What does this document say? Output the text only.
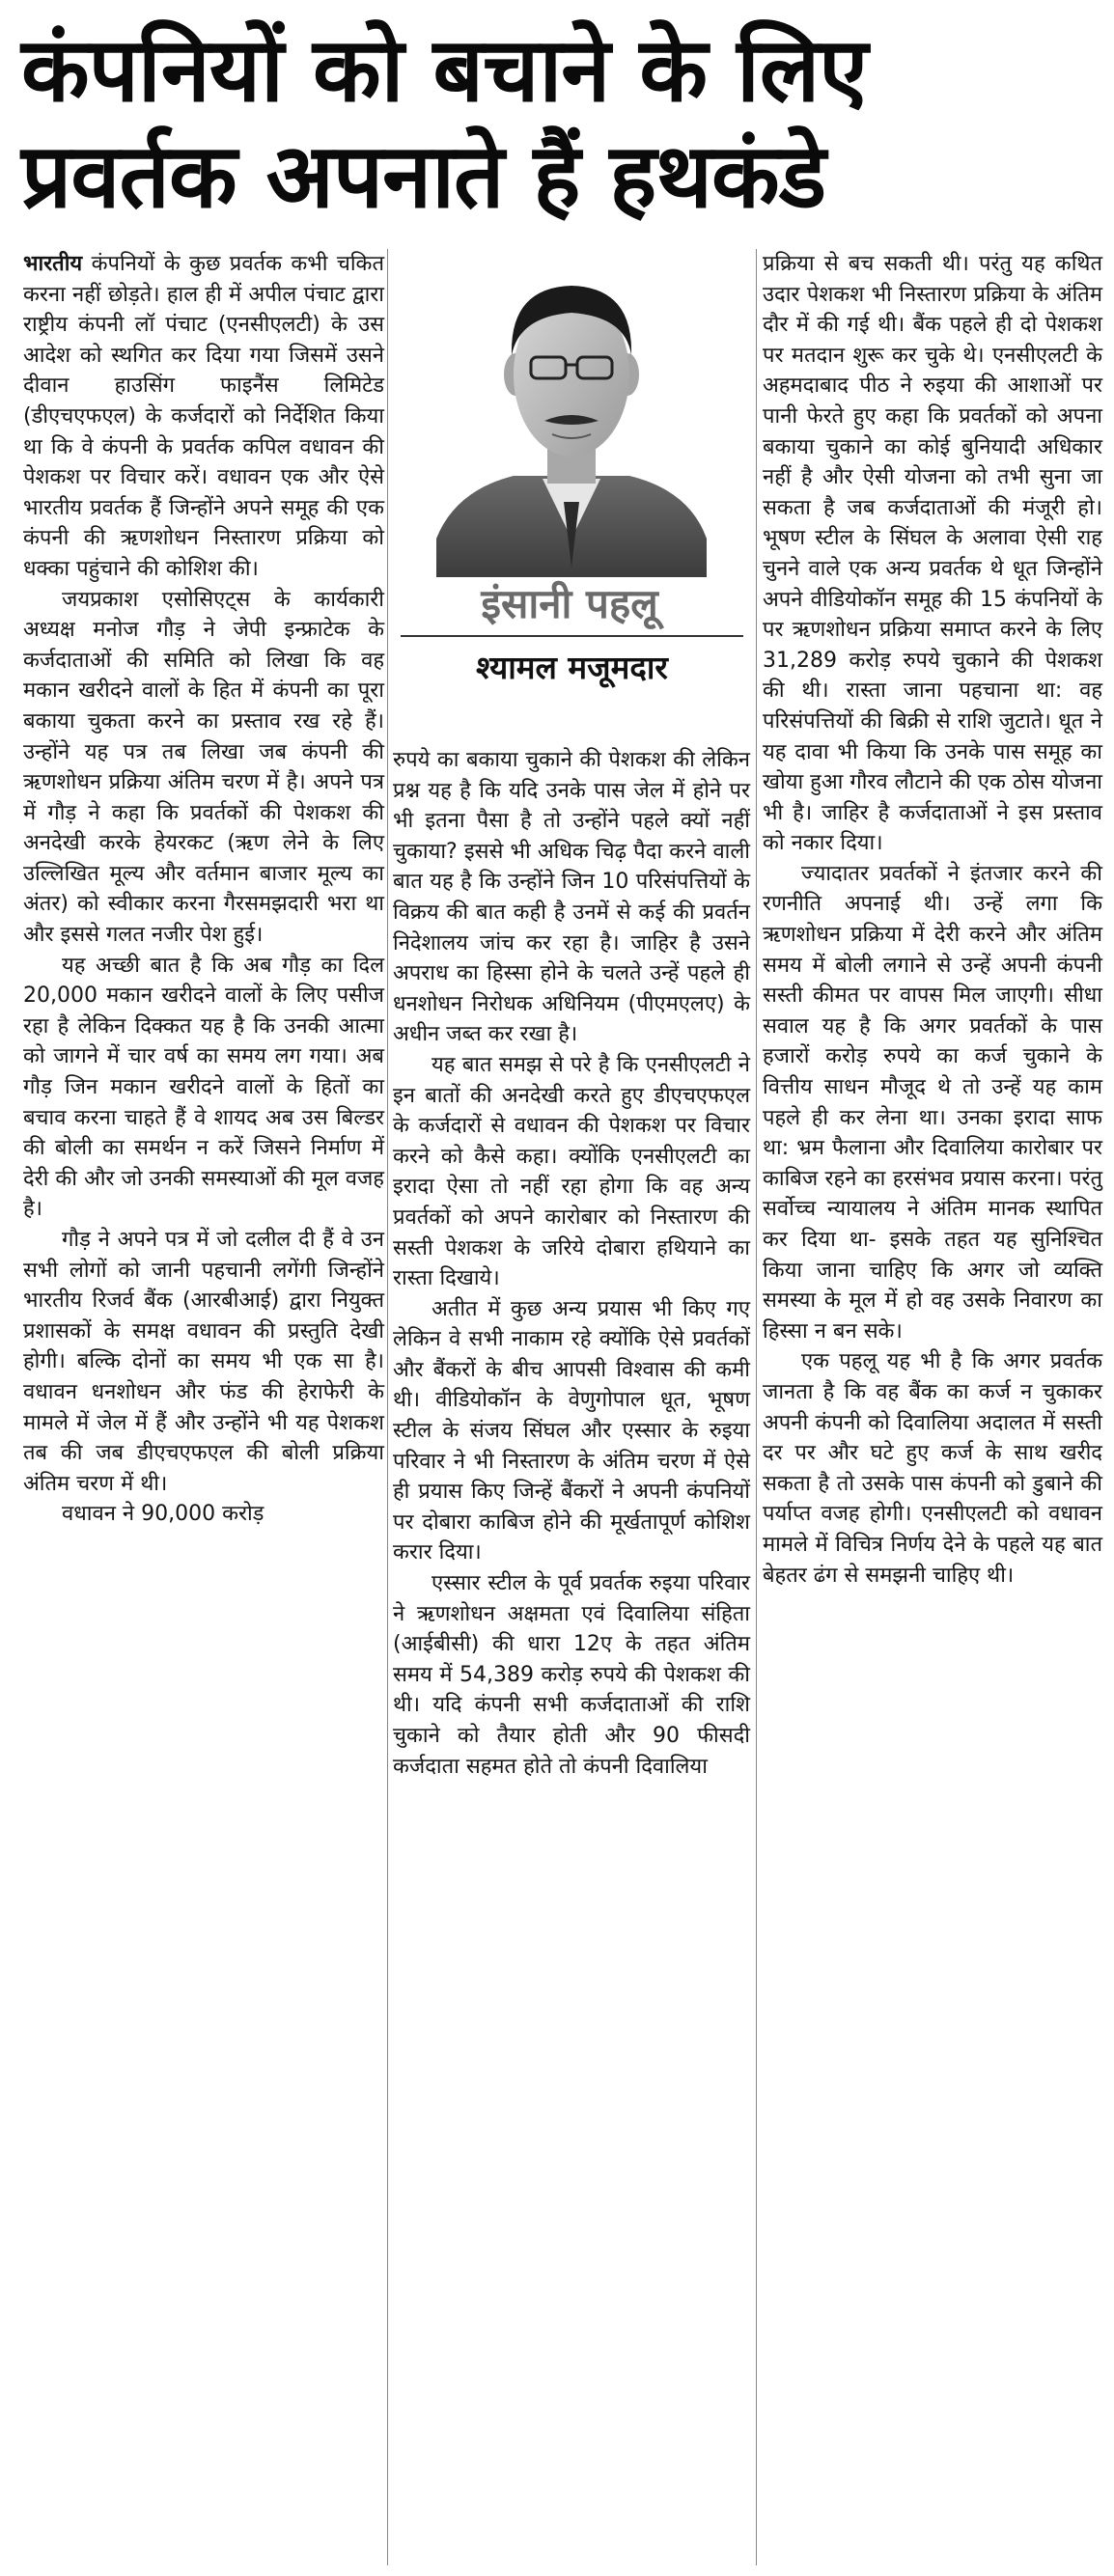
कंपनियों को बचाने के लिए
प्रवर्तक अपनाते हैं हथकंडे

भारतीय कंपनियों के कुछ प्रवर्तक कभी चकित करना नहीं छोड़ते। हाल ही में अपील पंचाट द्वारा राष्ट्रीय कंपनी लॉ पंचाट (एनसीएलटी) के उस आदेश को स्थगित कर दिया गया जिसमें उसने दीवान हाउसिंग फाइनैंस लिमिटेड (डीएचएफएल) के कर्जदारों को निर्देशित किया था कि वे कंपनी के प्रवर्तक कपिल वधावन की पेशकश पर विचार करें। वधावन एक और ऐसे भारतीय प्रवर्तक हैं जिन्होंने अपने समूह की एक कंपनी की ऋणशोधन निस्तारण प्रक्रिया को धक्का पहुंचाने की कोशिश की।

जयप्रकाश एसोसिएट्स के कार्यकारी अध्यक्ष मनोज गौड़ ने जेपी इन्फ्राटेक के कर्जदाताओं की समिति को लिखा कि वह मकान खरीदने वालों के हित में कंपनी का पूरा बकाया चुकता करने का प्रस्ताव रख रहे हैं। उन्होंने यह पत्र तब लिखा जब कंपनी की ऋणशोधन प्रक्रिया अंतिम चरण में है। अपने पत्र में गौड़ ने कहा कि प्रवर्तकों की पेशकश की अनदेखी करके हेयरकट (ऋण लेने के लिए उल्लिखित मूल्य और वर्तमान बाजार मूल्य का अंतर) को स्वीकार करना गैरसमझदारी भरा था और इससे गलत नजीर पेश हुई।

यह अच्छी बात है कि अब गौड़ का दिल 20,000 मकान खरीदने वालों के लिए पसीज रहा है लेकिन दिक्कत यह है कि उनकी आत्मा को जागने में चार वर्ष का समय लग गया। अब गौड़ जिन मकान खरीदने वालों के हितों का बचाव करना चाहते हैं वे शायद अब उस बिल्डर की बोली का समर्थन न करें जिसने निर्माण में देरी की और जो उनकी समस्याओं की मूल वजह है।

गौड़ ने अपने पत्र में जो दलील दी हैं वे उन सभी लोगों को जानी पहचानी लगेंगी जिन्होंने भारतीय रिजर्व बैंक (आरबीआई) द्वारा नियुक्त प्रशासकों के समक्ष वधावन की प्रस्तुति देखी होगी। बल्कि दोनों का समय भी एक सा है। वधावन धनशोधन और फंड की हेराफेरी के मामले में जेल में हैं और उन्होंने भी यह पेशकश तब की जब डीएचएफएल की बोली प्रक्रिया अंतिम चरण में थी।

वधावन ने 90,000 करोड़

इंसानी पहलू
श्यामल मजूमदार

रुपये का बकाया चुकाने की पेशकश की लेकिन प्रश्न यह है कि यदि उनके पास जेल में होने पर भी इतना पैसा है तो उन्होंने पहले क्यों नहीं चुकाया? इससे भी अधिक चिढ़ पैदा करने वाली बात यह है कि उन्होंने जिन 10 परिसंपत्तियों के विक्रय की बात कही है उनमें से कई की प्रवर्तन निदेशालय जांच कर रहा है। जाहिर है उसने अपराध का हिस्सा होने के चलते उन्हें पहले ही धनशोधन निरोधक अधिनियम (पीएमएलए) के अधीन जब्त कर रखा है।

यह बात समझ से परे है कि एनसीएलटी ने इन बातों की अनदेखी करते हुए डीएचएफएल के कर्जदारों से वधावन की पेशकश पर विचार करने को कैसे कहा। क्योंकि एनसीएलटी का इरादा ऐसा तो नहीं रहा होगा कि वह अन्य प्रवर्तकों को अपने कारोबार को निस्तारण की सस्ती पेशकश के जरिये दोबारा हथियाने का रास्ता दिखाये।

अतीत में कुछ अन्य प्रयास भी किए गए लेकिन वे सभी नाकाम रहे क्योंकि ऐसे प्रवर्तकों और बैंकरों के बीच आपसी विश्वास की कमी थी। वीडियोकॉन के वेणुगोपाल धूत, भूषण स्टील के संजय सिंघल और एस्सार के रुइया परिवार ने भी निस्तारण के अंतिम चरण में ऐसे ही प्रयास किए जिन्हें बैंकरों ने अपनी कंपनियों पर दोबारा काबिज होने की मूर्खतापूर्ण कोशिश करार दिया।

एस्सार स्टील के पूर्व प्रवर्तक रुइया परिवार ने ऋणशोधन अक्षमता एवं दिवालिया संहिता (आईबीसी) की धारा 12ए के तहत अंतिम समय में 54,389 करोड़ रुपये की पेशकश की थी। यदि कंपनी सभी कर्जदाताओं की राशि चुकाने को तैयार होती और 90 फीसदी कर्जदाता सहमत होते तो कंपनी दिवालिया

प्रक्रिया से बच सकती थी। परंतु यह कथित उदार पेशकश भी निस्तारण प्रक्रिया के अंतिम दौर में की गई थी। बैंक पहले ही दो पेशकश पर मतदान शुरू कर चुके थे। एनसीएलटी के अहमदाबाद पीठ ने रुइया की आशाओं पर पानी फेरते हुए कहा कि प्रवर्तकों को अपना बकाया चुकाने का कोई बुनियादी अधिकार नहीं है और ऐसी योजना को तभी सुना जा सकता है जब कर्जदाताओं की मंजूरी हो। भूषण स्टील के सिंघल के अलावा ऐसी राह चुनने वाले एक अन्य प्रवर्तक थे धूत जिन्होंने अपने वीडियोकॉन समूह की 15 कंपनियों के पर ऋणशोधन प्रक्रिया समाप्त करने के लिए 31,289 करोड़ रुपये चुकाने की पेशकश की थी। रास्ता जाना पहचाना था: वह परिसंपत्तियों की बिक्री से राशि जुटाते। धूत ने यह दावा भी किया कि उनके पास समूह का खोया हुआ गौरव लौटाने की एक ठोस योजना भी है। जाहिर है कर्जदाताओं ने इस प्रस्ताव को नकार दिया।

ज्यादातर प्रवर्तकों ने इंतजार करने की रणनीति अपनाई थी। उन्हें लगा कि ऋणशोधन प्रक्रिया में देरी करने और अंतिम समय में बोली लगाने से उन्हें अपनी कंपनी सस्ती कीमत पर वापस मिल जाएगी। सीधा सवाल यह है कि अगर प्रवर्तकों के पास हजारों करोड़ रुपये का कर्ज चुकाने के वित्तीय साधन मौजूद थे तो उन्हें यह काम पहले ही कर लेना था। उनका इरादा साफ था: भ्रम फैलाना और दिवालिया कारोबार पर काबिज रहने का हरसंभव प्रयास करना। परंतु सर्वोच्च न्यायालय ने अंतिम मानक स्थापित कर दिया था- इसके तहत यह सुनिश्चित किया जाना चाहिए कि अगर जो व्यक्ति समस्या के मूल में हो वह उसके निवारण का हिस्सा न बन सके।

एक पहलू यह भी है कि अगर प्रवर्तक जानता है कि वह बैंक का कर्ज न चुकाकर अपनी कंपनी को दिवालिया अदालत में सस्ती दर पर और घटे हुए कर्ज के साथ खरीद सकता है तो उसके पास कंपनी को डुबाने की पर्याप्त वजह होगी। एनसीएलटी को वधावन मामले में विचित्र निर्णय देने के पहले यह बात बेहतर ढंग से समझनी चाहिए थी।
